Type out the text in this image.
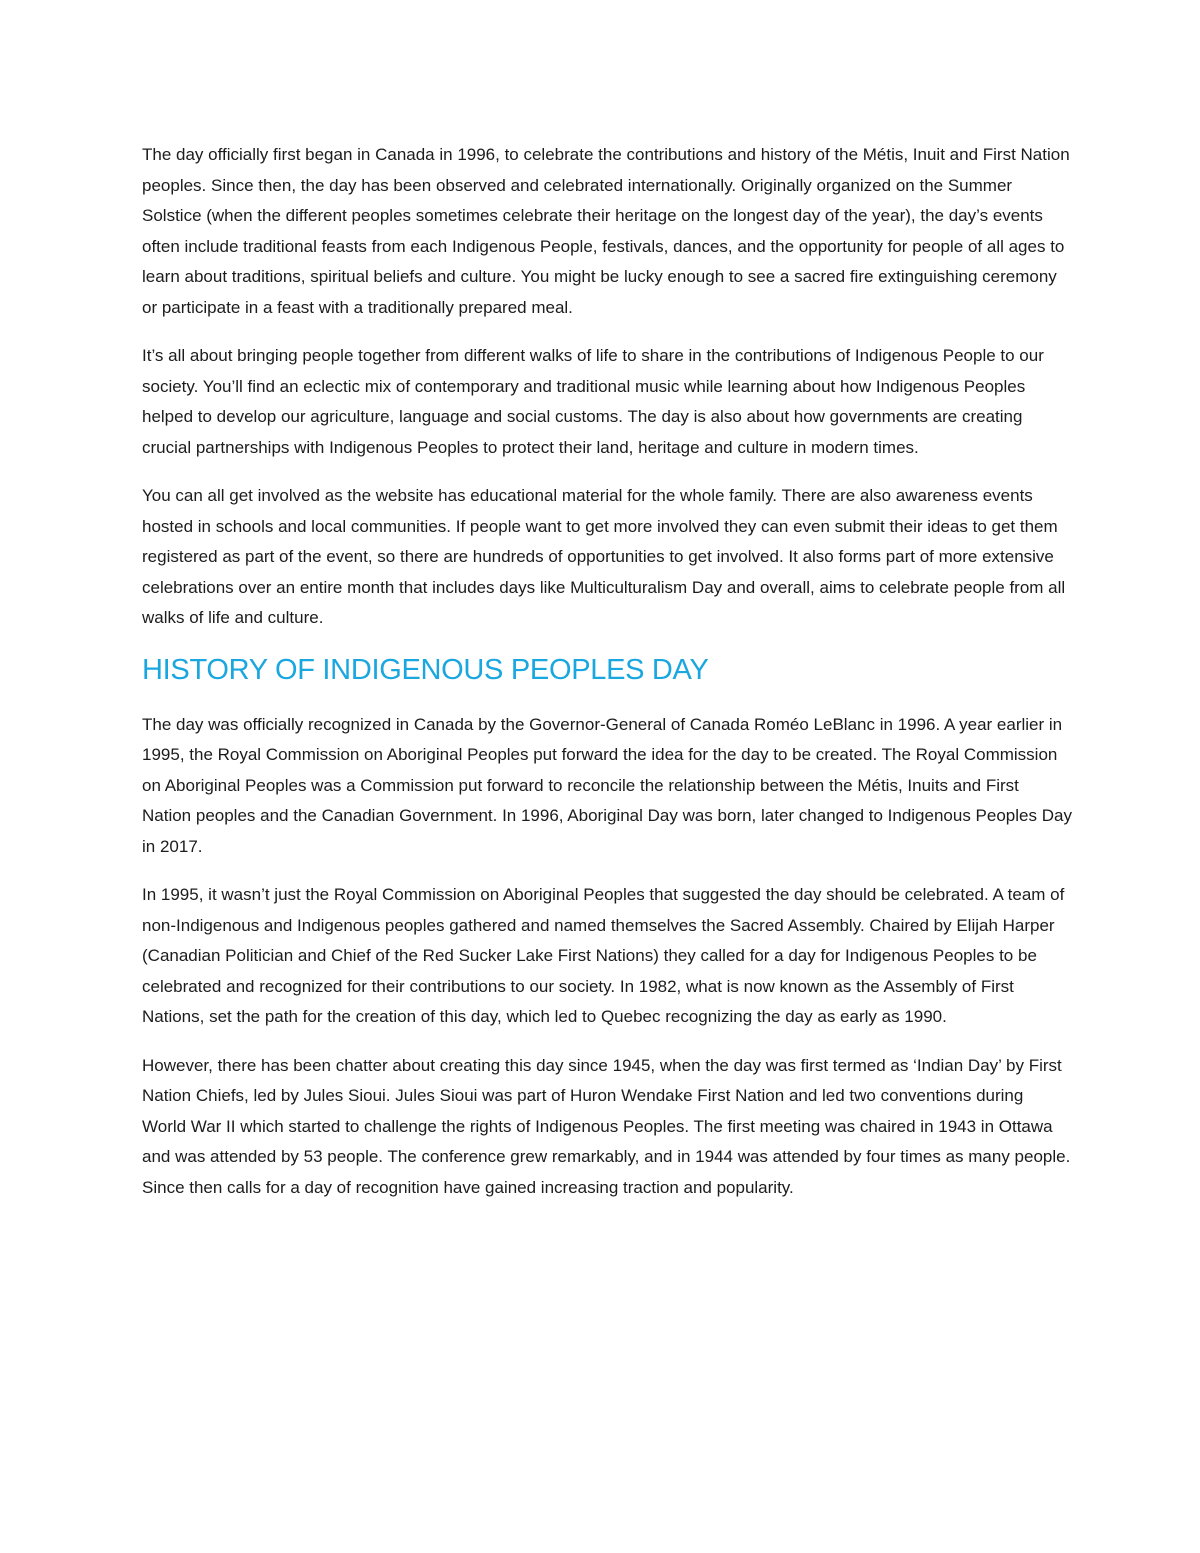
The day officially first began in Canada in 1996, to celebrate the contributions and history of the Métis, Inuit and First Nation peoples. Since then, the day has been observed and celebrated internationally. Originally organized on the Summer Solstice (when the different peoples sometimes celebrate their heritage on the longest day of the year), the day’s events often include traditional feasts from each Indigenous People, festivals, dances, and the opportunity for people of all ages to learn about traditions, spiritual beliefs and culture. You might be lucky enough to see a sacred fire extinguishing ceremony or participate in a feast with a traditionally prepared meal.

It’s all about bringing people together from different walks of life to share in the contributions of Indigenous People to our society. You’ll find an eclectic mix of contemporary and traditional music while learning about how Indigenous Peoples helped to develop our agriculture, language and social customs. The day is also about how governments are creating crucial partnerships with Indigenous Peoples to protect their land, heritage and culture in modern times.

You can all get involved as the website has educational material for the whole family. There are also awareness events hosted in schools and local communities. If people want to get more involved they can even submit their ideas to get them registered as part of the event, so there are hundreds of opportunities to get involved. It also forms part of more extensive celebrations over an entire month that includes days like Multiculturalism Day and overall, aims to celebrate people from all walks of life and culture.

HISTORY OF INDIGENOUS PEOPLES DAY

The day was officially recognized in Canada by the Governor-General of Canada Roméo LeBlanc in 1996. A year earlier in 1995, the Royal Commission on Aboriginal Peoples put forward the idea for the day to be created. The Royal Commission on Aboriginal Peoples was a Commission put forward to reconcile the relationship between the Métis, Inuits and First Nation peoples and the Canadian Government. In 1996, Aboriginal Day was born, later changed to Indigenous Peoples Day in 2017.

In 1995, it wasn’t just the Royal Commission on Aboriginal Peoples that suggested the day should be celebrated. A team of non-Indigenous and Indigenous peoples gathered and named themselves the Sacred Assembly. Chaired by Elijah Harper (Canadian Politician and Chief of the Red Sucker Lake First Nations) they called for a day for Indigenous Peoples to be celebrated and recognized for their contributions to our society. In 1982, what is now known as the Assembly of First Nations, set the path for the creation of this day, which led to Quebec recognizing the day as early as 1990.

However, there has been chatter about creating this day since 1945, when the day was first termed as ‘Indian Day’ by First Nation Chiefs, led by Jules Sioui. Jules Sioui was part of Huron Wendake First Nation and led two conventions during World War II which started to challenge the rights of Indigenous Peoples. The first meeting was chaired in 1943 in Ottawa and was attended by 53 people. The conference grew remarkably, and in 1944 was attended by four times as many people. Since then calls for a day of recognition have gained increasing traction and popularity.
